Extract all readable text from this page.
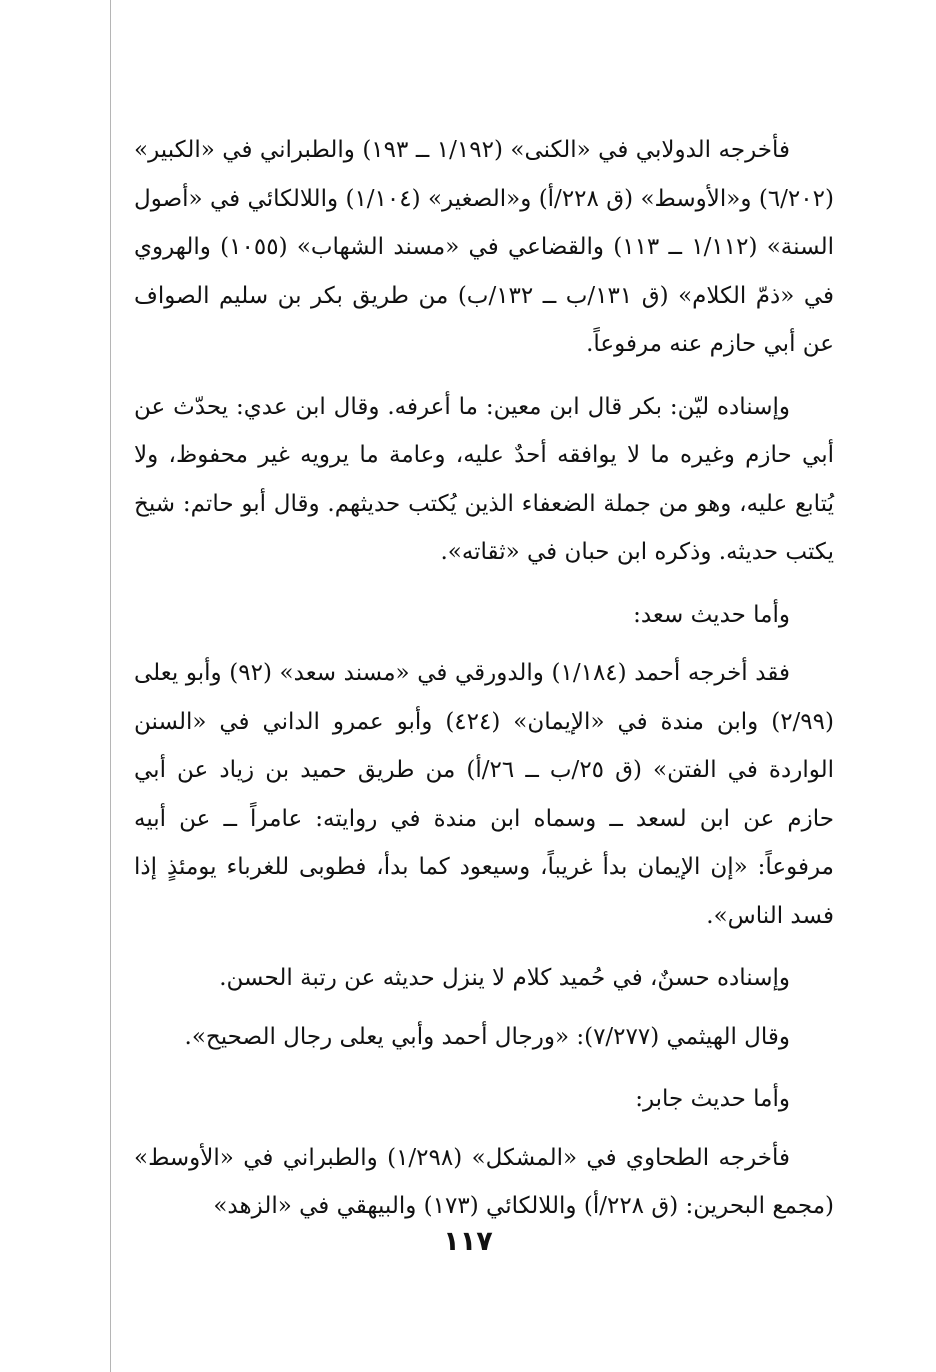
فأخرجه الدولابي في «الكنى» (١/١٩٢ ــ ١٩٣) والطبراني في «الكبير» (٦/٢٠٢) و«الأوسط» (ق ٢٢٨/أ) و«الصغير» (١/١٠٤) واللالكائي في «أصول السنة» (١/١١٢ ــ ١١٣) والقضاعي في «مسند الشهاب» (١٠٥٥) والهروي في «ذمّ الكلام» (ق ١٣١/ب ــ ١٣٢/ب) من طريق بكر بن سليم الصواف عن أبي حازم عنه مرفوعاً.

وإسناده ليّن: بكر قال ابن معين: ما أعرفه. وقال ابن عدي: يحدّث عن أبي حازم وغيره ما لا يوافقه أحدٌ عليه، وعامة ما يرويه غير محفوظ، ولا يُتابع عليه، وهو من جملة الضعفاء الذين يُكتب حديثهم. وقال أبو حاتم: شيخ يكتب حديثه. وذكره ابن حبان في «ثقاته».

وأما حديث سعد:

فقد أخرجه أحمد (١/١٨٤) والدورقي في «مسند سعد» (٩٢) وأبو يعلى (٢/٩٩) وابن مندة في «الإيمان» (٤٢٤) وأبو عمرو الداني في «السنن الواردة في الفتن» (ق ٢٥/ب ــ ٢٦/أ) من طريق حميد بن زياد عن أبي حازم عن ابن لسعد ــ وسماه ابن مندة في روايته: عامراً ــ عن أبيه مرفوعاً: «إن الإيمان بدأ غريباً، وسيعود كما بدأ، فطوبى للغرباء يومئذٍ إذا فسد الناس».

وإسناده حسنٌ، في حُميد كلام لا ينزل حديثه عن رتبة الحسن.

وقال الهيثمي (٧/٢٧٧): «ورجال أحمد وأبي يعلى رجال الصحيح».

وأما حديث جابر:

فأخرجه الطحاوي في «المشكل» (١/٢٩٨) والطبراني في «الأوسط» (مجمع البحرين: (ق ٢٢٨/أ) واللالكائي (١٧٣) والبيهقي في «الزهد»

١١٧
